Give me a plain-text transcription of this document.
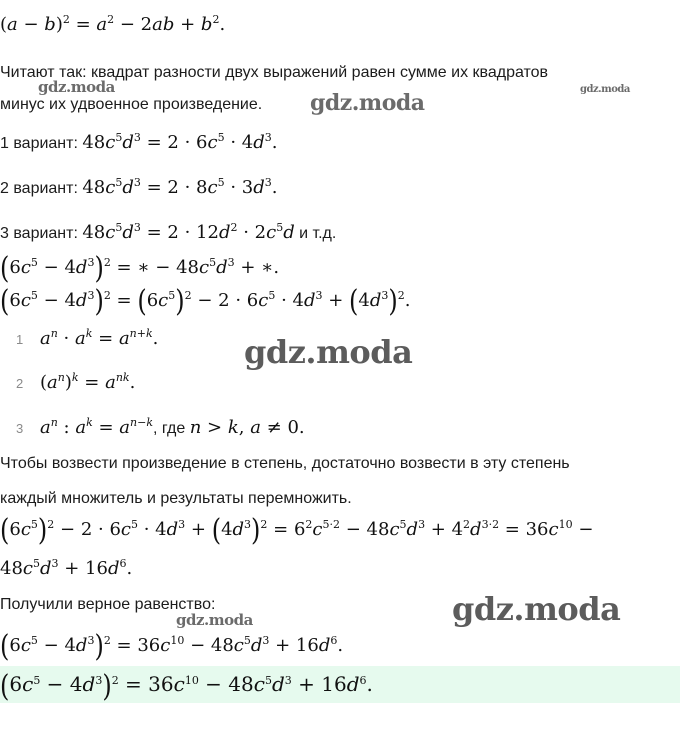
$(a - b)^2 = a^2 - 2ab + b^2$.
Читают так: квадрат разности двух выражений равен сумме их квадратов
минус их удвоенное произведение.
1 вариант: $48c^5d^3 = 2 \cdot 6c^5 \cdot 4d^3$.
2 вариант: $48c^5d^3 = 2 \cdot 8c^5 \cdot 3d^3$.
3 вариант: $48c^5d^3 = 2 \cdot 12d^2 \cdot 2c^5d$ и т.д.
$(6c^5 - 4d^3)^2$ = ∗ − $48c^5d^3$ + ∗.
$(6c^5 - 4d^3)^2 = (6c^5)^2 - 2 \cdot 6c^5 \cdot 4d^3 + (4d^3)^2$.
1 $a^n \cdot a^k = a^{n+k}$.
2 $(a^n)^k = a^{nk}$.
3 $a^n$ : $a^k = a^{n-k}$, где n > k, a ≠ 0.
Чтобы возвести произведение в степень, достаточно возвести в эту степень
каждый множитель и результаты перемножить.
$(6c^5)^2 - 2 \cdot 6c^5 \cdot 4d^3 + (4d^3)^2 = 6^2c^{5\cdot 2} - 48c^5d^3 + 4^2d^{3\cdot 2} = 36c^{10}$ −
$48c^5d^3 + 16d^6$.
Получили верное равенство:
$(6c^5 - 4d^3)^2 = 36c^{10} - 48c^5d^3 + 16d^6$.
$(6c^5 - 4d^3)^2 = 36c^{10} - 48c^5d^3 + 16d^6$.
gdz.moda
gdz.moda
gdz.moda
gdz.moda
gdz.moda
gdz.moda
